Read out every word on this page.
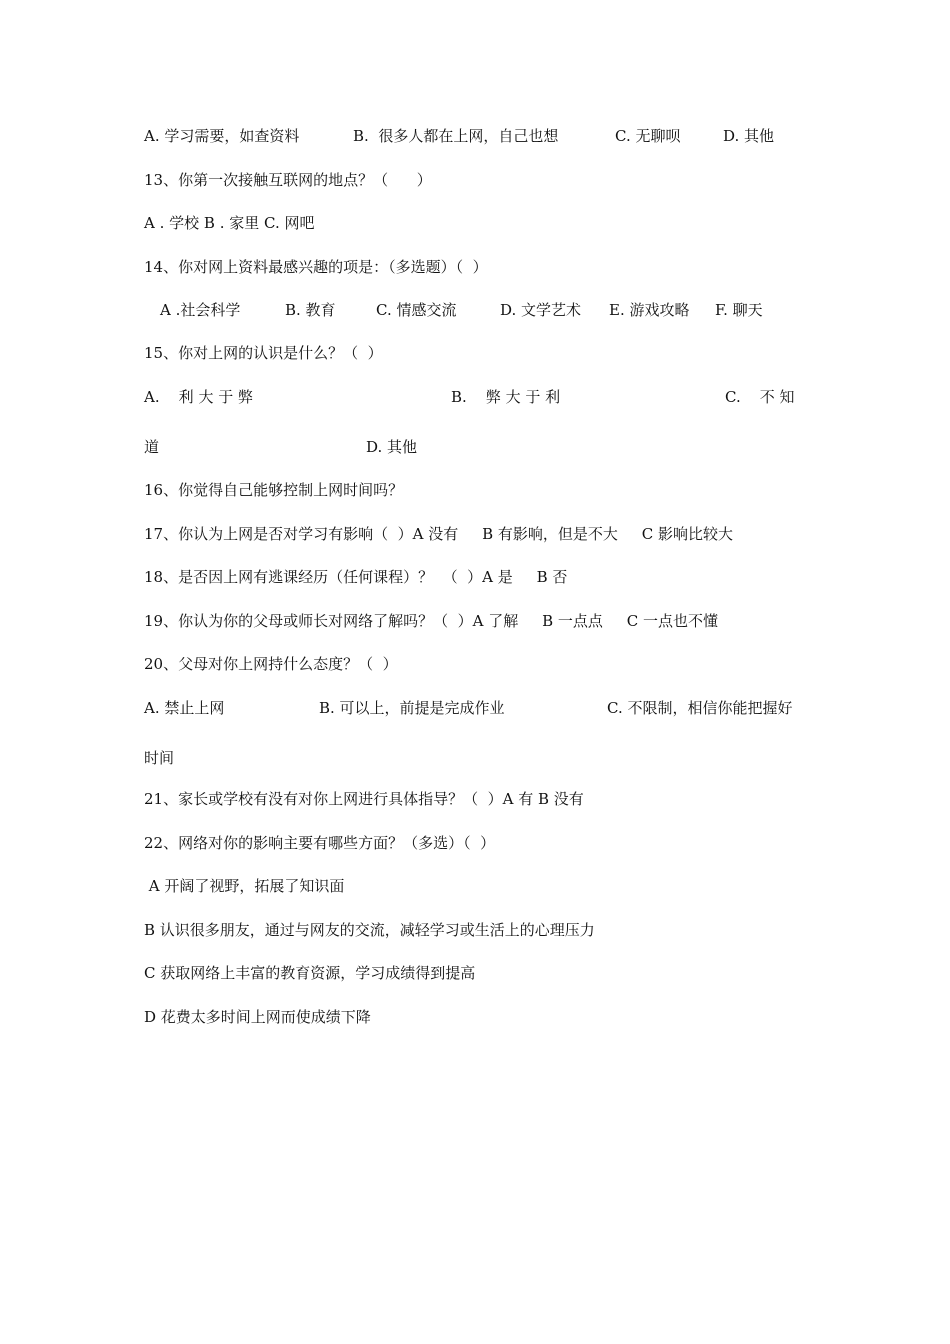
A. 学习需要，如查资料	B.  很多人都在上网，自己也想	C. 无聊呗	D. 其他
13、你第一次接触互联网的地点？（      ）
A . 学校 B . 家里 C. 网吧
14、你对网上资料最感兴趣的项是：（多选题）（  ）
A .社会科学	B. 教育	C. 情感交流	D. 文学艺术 E. 游戏攻略 F. 聊天
15、你对上网的认识是什么？（  ）
A.    利 大 于 弊	B.    弊 大 于 利	C.    不 知
道	D. 其他
16、你觉得自己能够控制上网时间吗？
17、你认为上网是否对学习有影响（  ）A 没有     B 有影响，但是不大     C 影响比较大
18、是否因上网有逃课经历（任何课程）？  （  ）A 是     B 否
19、你认为你的父母或师长对网络了解吗？（  ）A 了解     B 一点点     C 一点也不懂
20、父母对你上网持什么态度？（  ）
A. 禁止上网	B. 可以上，前提是完成作业	C. 不限制，相信你能把握好
时间
21、家长或学校有没有对你上网进行具体指导？（  ）A 有 B 没有
22、网络对你的影响主要有哪些方面？（多选）（  ）
A 开阔了视野，拓展了知识面
B 认识很多朋友，通过与网友的交流，减轻学习或生活上的心理压力
C 获取网络上丰富的教育资源，学习成绩得到提高
D 花费太多时间上网而使成绩下降
